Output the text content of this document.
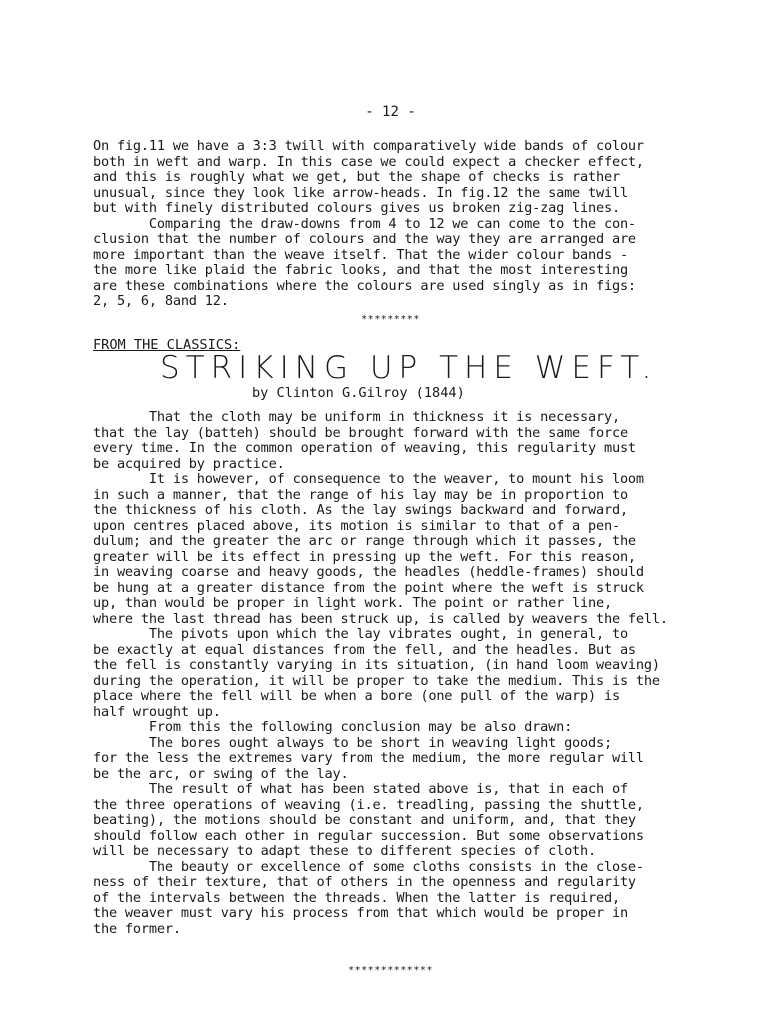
- 12 -
On fig.11 we have a 3:3 twill with comparatively wide bands of colour
both in weft and warp. In this case we could expect a checker effect,
and this is roughly what we get, but the shape of checks is rather
unusual, since they look like arrow-heads. In fig.12 the same twill
but with finely distributed colours gives us broken zig-zag lines.
Comparing the draw-downs from 4 to 12 we can come to the con-
clusion that the number of colours and the way they are arranged are
more important than the weave itself. That the wider colour bands -
the more like plaid the fabric looks, and that the most interesting
are these combinations where the colours are used singly as in figs:
2, 5, 6, 8and 12.
*********
FROM THE CLASSICS:
STRIKING UP THE WEFT.
by Clinton G.Gilroy (1844)
That the cloth may be uniform in thickness it is necessary,
that the lay (batteh) should be brought forward with the same force
every time. In the common operation of weaving, this regularity must
be acquired by practice.
It is however, of consequence to the weaver, to mount his loom
in such a manner, that the range of his lay may be in proportion to
the thickness of his cloth. As the lay swings backward and forward,
upon centres placed above, its motion is similar to that of a pen-
dulum; and the greater the arc or range through which it passes, the
greater will be its effect in pressing up the weft. For this reason,
in weaving coarse and heavy goods, the headles (heddle-frames) should
be hung at a greater distance from the point where the weft is struck
up, than would be proper in light work. The point or rather line,
where the last thread has been struck up, is called by weavers the fell.
The pivots upon which the lay vibrates ought, in general, to
be exactly at equal distances from the fell, and the headles. But as
the fell is constantly varying in its situation, (in hand loom weaving)
during the operation, it will be proper to take the medium. This is the
place where the fell will be when a bore (one pull of the warp) is
half wrought up.
From this the following conclusion may be also drawn:
The bores ought always to be short in weaving light goods;
for the less the extremes vary from the medium, the more regular will
be the arc, or swing of the lay.
The result of what has been stated above is, that in each of
the three operations of weaving (i.e. treadling, passing the shuttle,
beating), the motions should be constant and uniform, and, that they
should follow each other in regular succession. But some observations
will be necessary to adapt these to different species of cloth.
The beauty or excellence of some cloths consists in the close-
ness of their texture, that of others in the openness and regularity
of the intervals between the threads. When the latter is required,
the weaver must vary his process from that which would be proper in
the former.
*************
